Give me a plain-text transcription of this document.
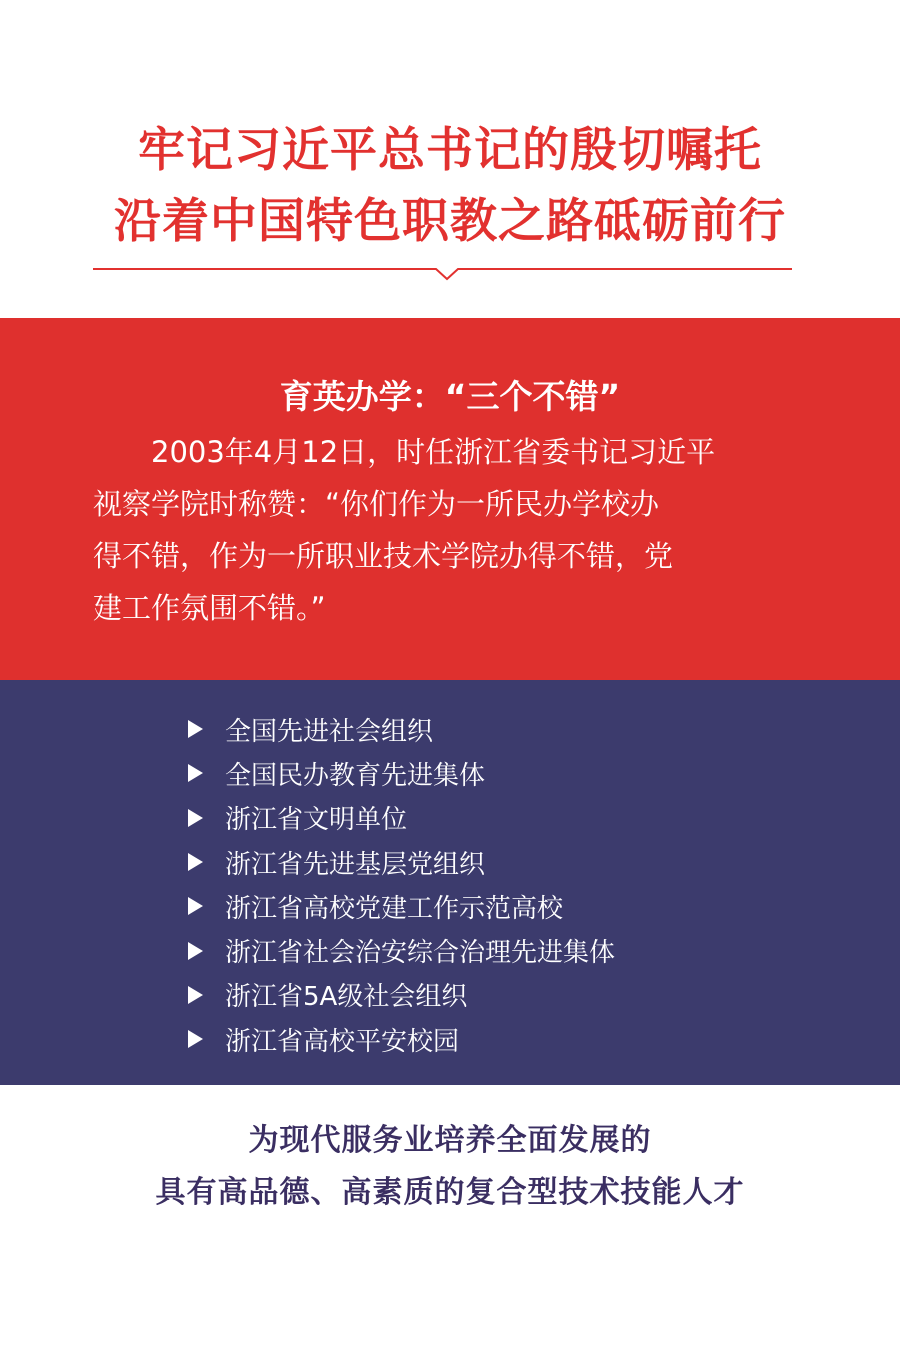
牢记习近平总书记的殷切嘱托
沿着中国特色职教之路砥砺前行
育英办学：“三个不错”
　　2003年4月12日，时任浙江省委书记习近平
视察学院时称赞：“你们作为一所民办学校办
得不错，作为一所职业技术学院办得不错，党
建工作氛围不错。”
全国先进社会组织
全国民办教育先进集体
浙江省文明单位
浙江省先进基层党组织
浙江省高校党建工作示范高校
浙江省社会治安综合治理先进集体
浙江省5A级社会组织
浙江省高校平安校园
为现代服务业培养全面发展的
具有高品德、高素质的复合型技术技能人才
